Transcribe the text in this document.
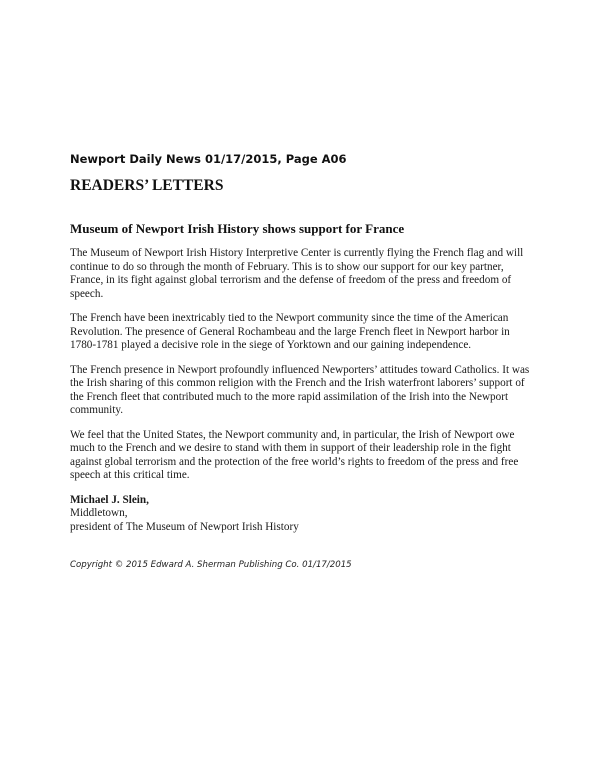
Newport Daily News 01/17/2015, Page A06

READERS’ LETTERS
Museum of Newport Irish History shows support for France

The Museum of Newport Irish History Interpretive Center is currently flying the French flag and will continue to do so through the month of February. This is to show our support for our key partner, France, in its fight against global terrorism and the defense of freedom of the press and freedom of speech.

The French have been inextricably tied to the Newport community since the time of the American Revolution. The presence of General Rochambeau and the large French fleet in Newport harbor in 1780-1781 played a decisive role in the siege of Yorktown and our gaining independence.

The French presence in Newport profoundly influenced Newporters’ attitudes toward Catholics. It was the Irish sharing of this common religion with the French and the Irish waterfront laborers’ support of the French fleet that contributed much to the more rapid assimilation of the Irish into the Newport community.

We feel that the United States, the Newport community and, in particular, the Irish of Newport owe much to the French and we desire to stand with them in support of their leadership role in the fight against global terrorism and the protection of the free world’s rights to freedom of the press and free speech at this critical time.

Michael J. Slein,
Middletown,
president of The Museum of Newport Irish History

Copyright © 2015 Edward A. Sherman Publishing Co. 01/17/2015
